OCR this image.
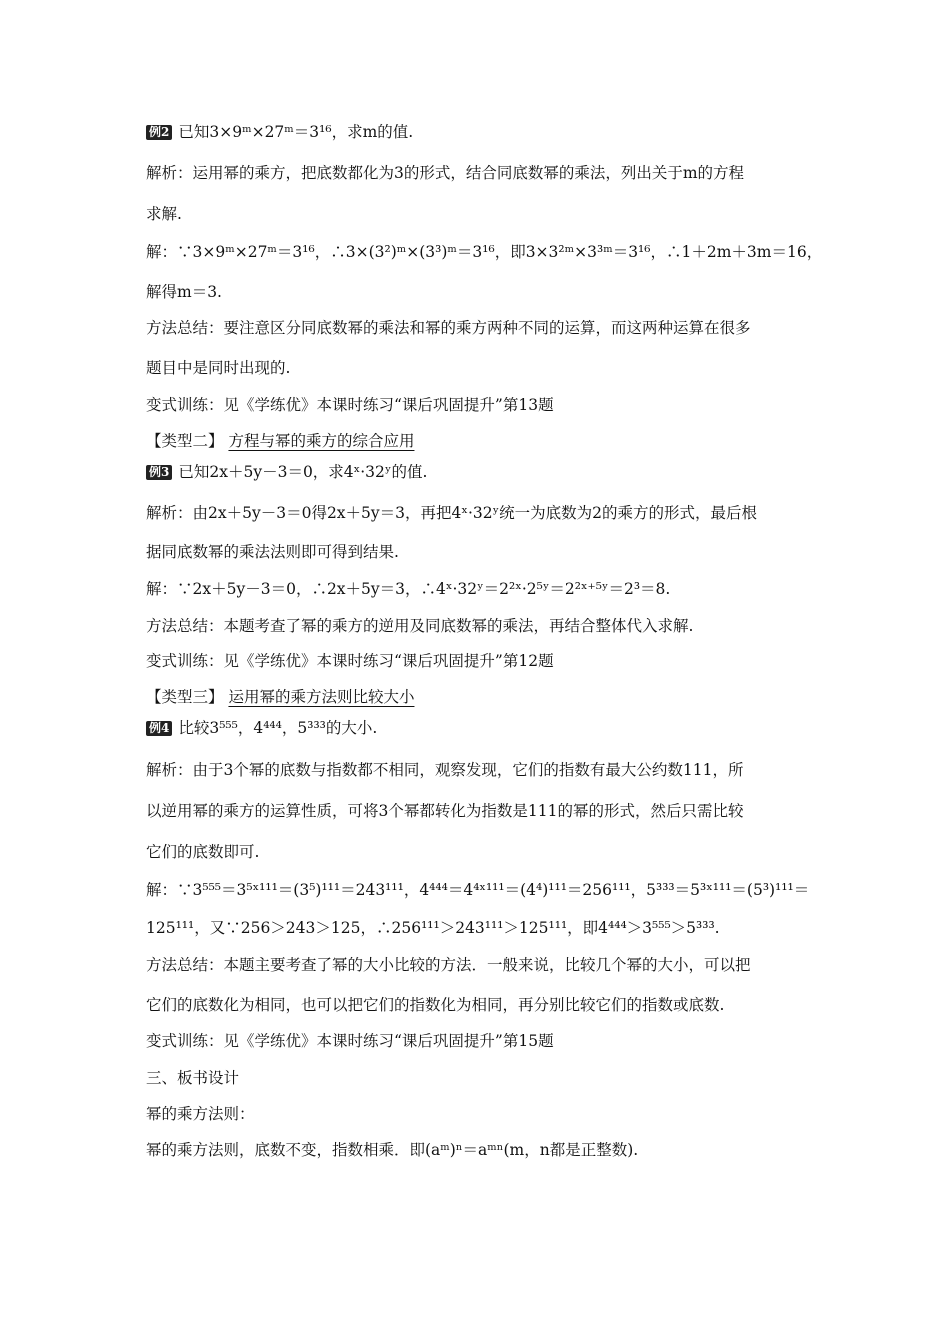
例2 已知3×9ᵐ×27ᵐ＝3¹⁶，求m的值.
解析：运用幂的乘方，把底数都化为3的形式，结合同底数幂的乘法，列出关于m的方程
求解.
解：∵3×9ᵐ×27ᵐ＝3¹⁶，∴3×(3²)ᵐ×(3³)ᵐ＝3¹⁶，即3×3²ᵐ×3³ᵐ＝3¹⁶，∴1＋2m＋3m＝16，
解得m＝3.
方法总结：要注意区分同底数幂的乘法和幂的乘方两种不同的运算，而这两种运算在很多
题目中是同时出现的.
变式训练：见《学练优》本课时练习“课后巩固提升”第13题
【类型二】 方程与幂的乘方的综合应用
例3 已知2x＋5y－3＝0，求4ˣ·32ʸ的值.
解析：由2x＋5y－3＝0得2x＋5y＝3，再把4ˣ·32ʸ统一为底数为2的乘方的形式，最后根
据同底数幂的乘法法则即可得到结果.
解：∵2x＋5y－3＝0，∴2x＋5y＝3，∴4ˣ·32ʸ＝2²ˣ·2⁵ʸ＝2²ˣ⁺⁵ʸ＝2³＝8.
方法总结：本题考查了幂的乘方的逆用及同底数幂的乘法，再结合整体代入求解.
变式训练：见《学练优》本课时练习“课后巩固提升”第12题
【类型三】 运用幂的乘方法则比较大小
例4 比较3⁵⁵⁵，4⁴⁴⁴，5³³³的大小.
解析：由于3个幂的底数与指数都不相同，观察发现，它们的指数有最大公约数111，所
以逆用幂的乘方的运算性质，可将3个幂都转化为指数是111的幂的形式，然后只需比较
它们的底数即可.
解：∵3⁵⁵⁵＝3⁵ˣ¹¹¹＝(3⁵)¹¹¹＝243¹¹¹，4⁴⁴⁴＝4⁴ˣ¹¹¹＝(4⁴)¹¹¹＝256¹¹¹，5³³³＝5³ˣ¹¹¹＝(5³)¹¹¹＝
125¹¹¹，又∵256＞243＞125，∴256¹¹¹＞243¹¹¹＞125¹¹¹，即4⁴⁴⁴＞3⁵⁵⁵＞5³³³.
方法总结：本题主要考查了幂的大小比较的方法．一般来说，比较几个幂的大小，可以把
它们的底数化为相同，也可以把它们的指数化为相同，再分别比较它们的指数或底数.
变式训练：见《学练优》本课时练习“课后巩固提升”第15题
三、板书设计
幂的乘方法则：
幂的乘方法则，底数不变，指数相乘．即(aᵐ)ⁿ＝aᵐⁿ(m，n都是正整数).
